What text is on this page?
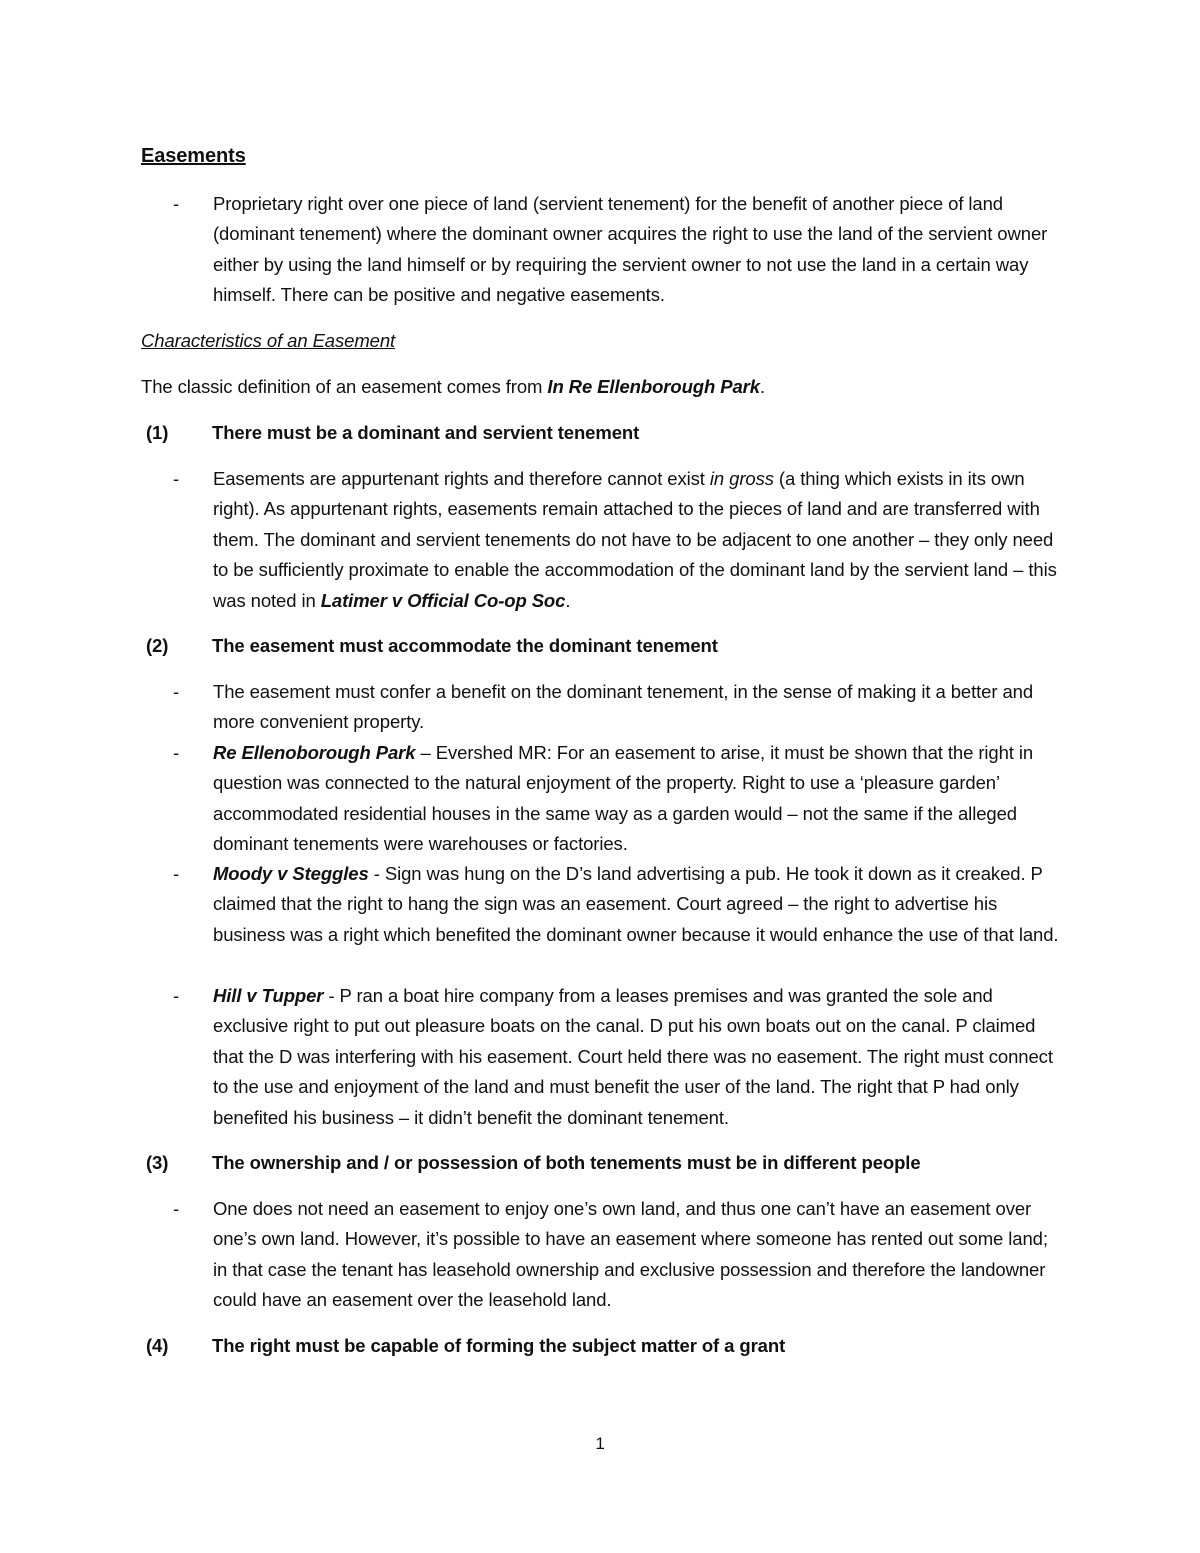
Easements
- Proprietary right over one piece of land (servient tenement) for the benefit of another piece of land (dominant tenement) where the dominant owner acquires the right to use the land of the servient owner either by using the land himself or by requiring the servient owner to not use the land in a certain way himself. There can be positive and negative easements.
Characteristics of an Easement

The classic definition of an easement comes from In Re Ellenborough Park.

(1) There must be a dominant and servient tenement
- Easements are appurtenant rights and therefore cannot exist in gross (a thing which exists in its own right). As appurtenant rights, easements remain attached to the pieces of land and are transferred with them. The dominant and servient tenements do not have to be adjacent to one another – they only need to be sufficiently proximate to enable the accommodation of the dominant land by the servient land – this was noted in Latimer v Official Co-op Soc.
(2) The easement must accommodate the dominant tenement
- The easement must confer a benefit on the dominant tenement, in the sense of making it a better and more convenient property.
- Re Ellenoborough Park – Evershed MR: For an easement to arise, it must be shown that the right in question was connected to the natural enjoyment of the property. Right to use a ‘pleasure garden’ accommodated residential houses in the same way as a garden would – not the same if the alleged dominant tenements were warehouses or factories.
- Moody v Steggles - Sign was hung on the D’s land advertising a pub. He took it down as it creaked. P claimed that the right to hang the sign was an easement. Court agreed – the right to advertise his business was a right which benefited the dominant owner because it would enhance the use of that land.
- Hill v Tupper - P ran a boat hire company from a leases premises and was granted the sole and exclusive right to put out pleasure boats on the canal. D put his own boats out on the canal. P claimed that the D was interfering with his easement. Court held there was no easement. The right must connect to the use and enjoyment of the land and must benefit the user of the land. The right that P had only benefited his business – it didn’t benefit the dominant tenement.
(3) The ownership and / or possession of both tenements must be in different people
- One does not need an easement to enjoy one’s own land, and thus one can’t have an easement over one’s own land. However, it’s possible to have an easement where someone has rented out some land; in that case the tenant has leasehold ownership and exclusive possession and therefore the landowner could have an easement over the leasehold land.
(4) The right must be capable of forming the subject matter of a grant
1
